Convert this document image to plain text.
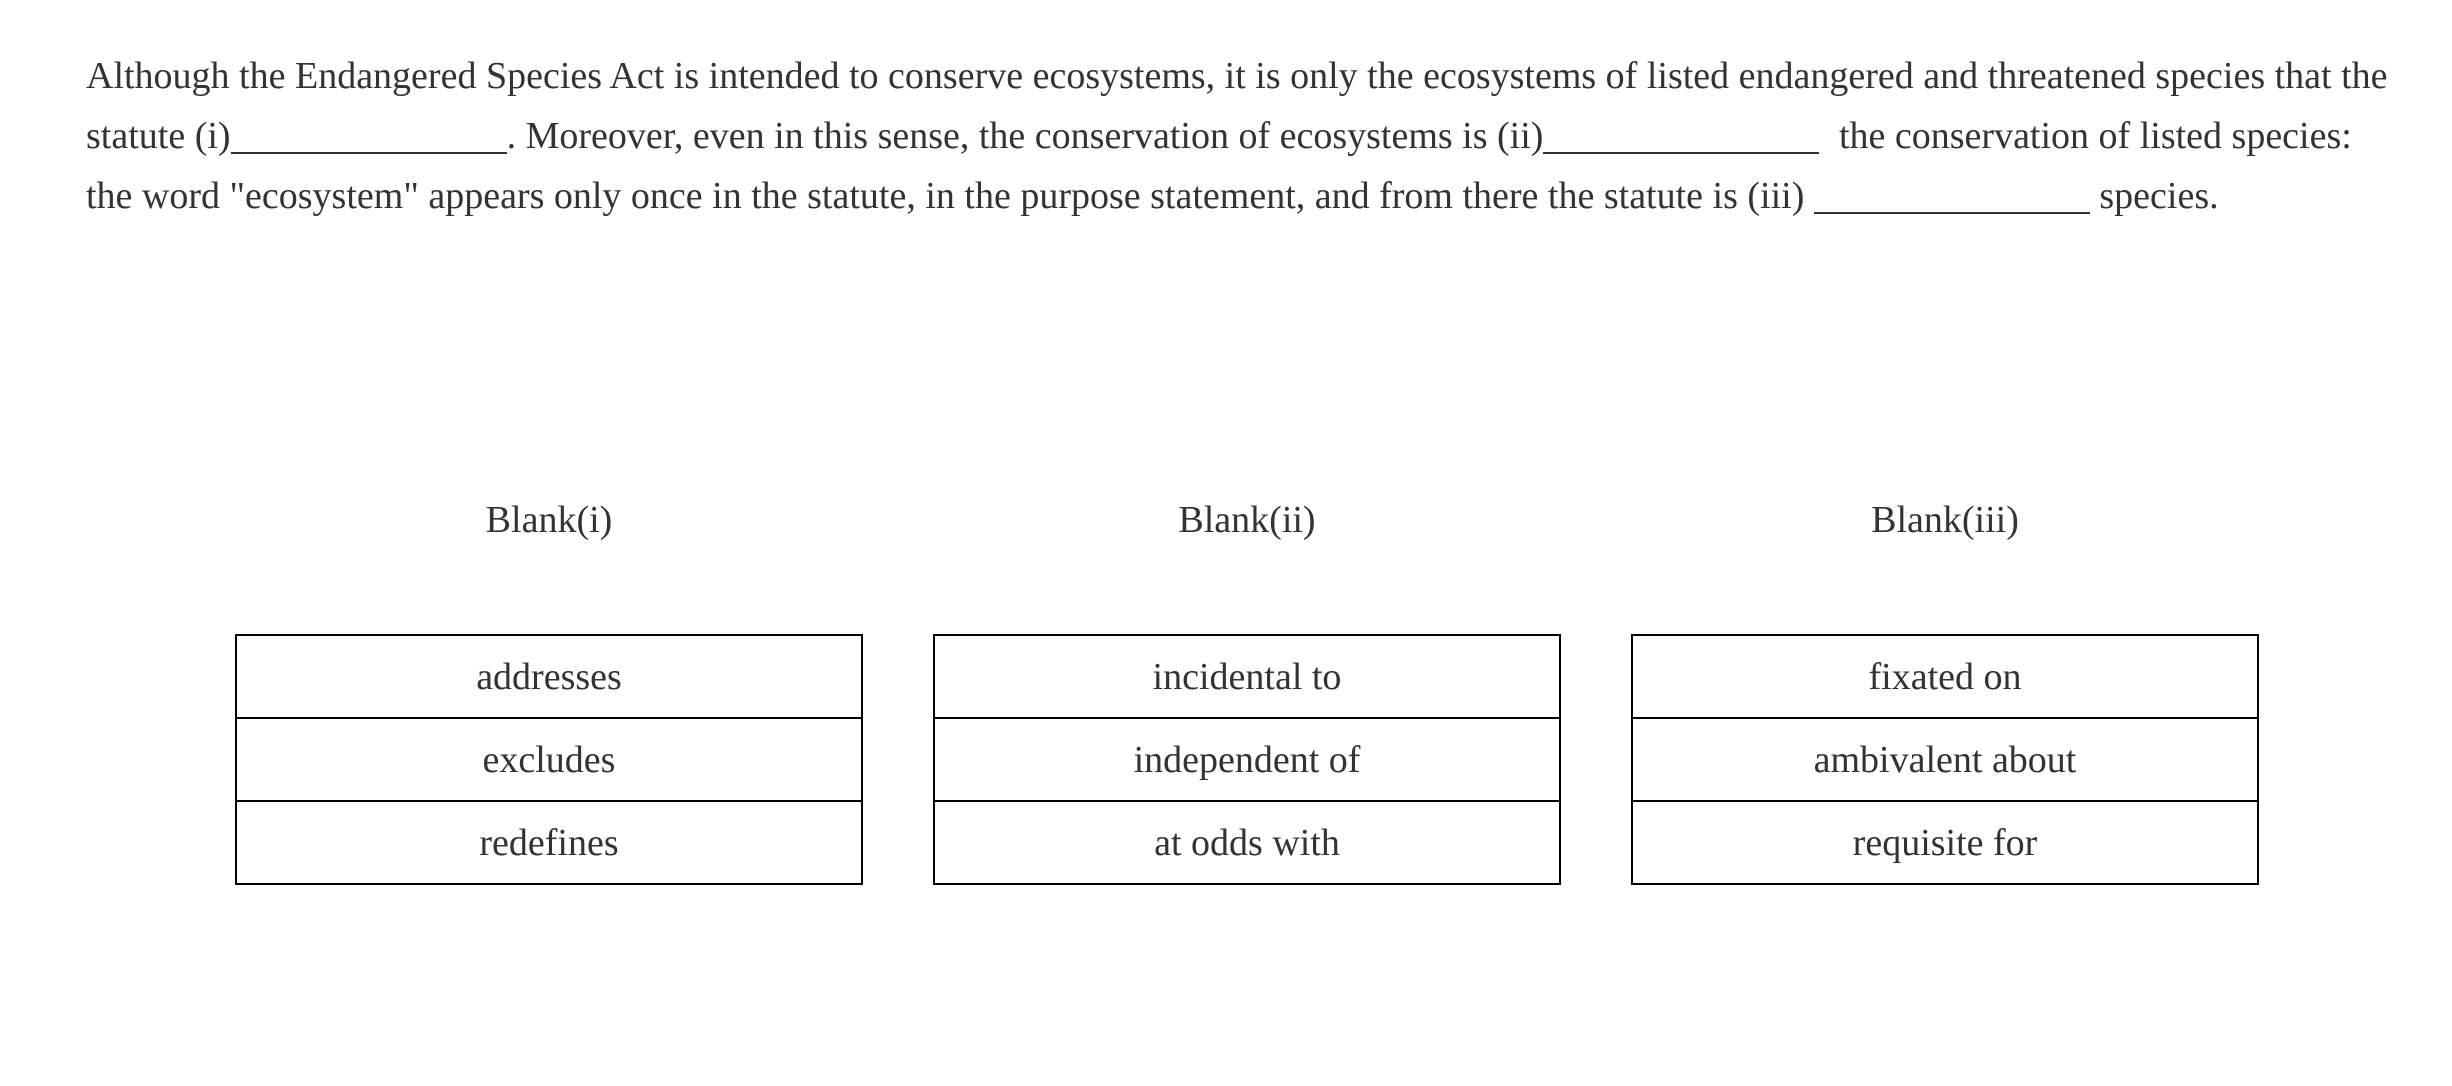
Although the Endangered Species Act is intended to conserve ecosystems, it is only the ecosystems of listed endangered and threatened species that the statute (i)	. Moreover, even in this sense, the conservation of ecosystems is (ii)	the conservation of listed species: the word "ecosystem" appears only once in the statute, in the purpose statement, and from there the statute is (iii)	species.

Blank(i)
addresses
excludes
redefines
Blank(ii)
incidental to
independent of
at odds with
Blank(iii)
fixated on
ambivalent about
requisite for
